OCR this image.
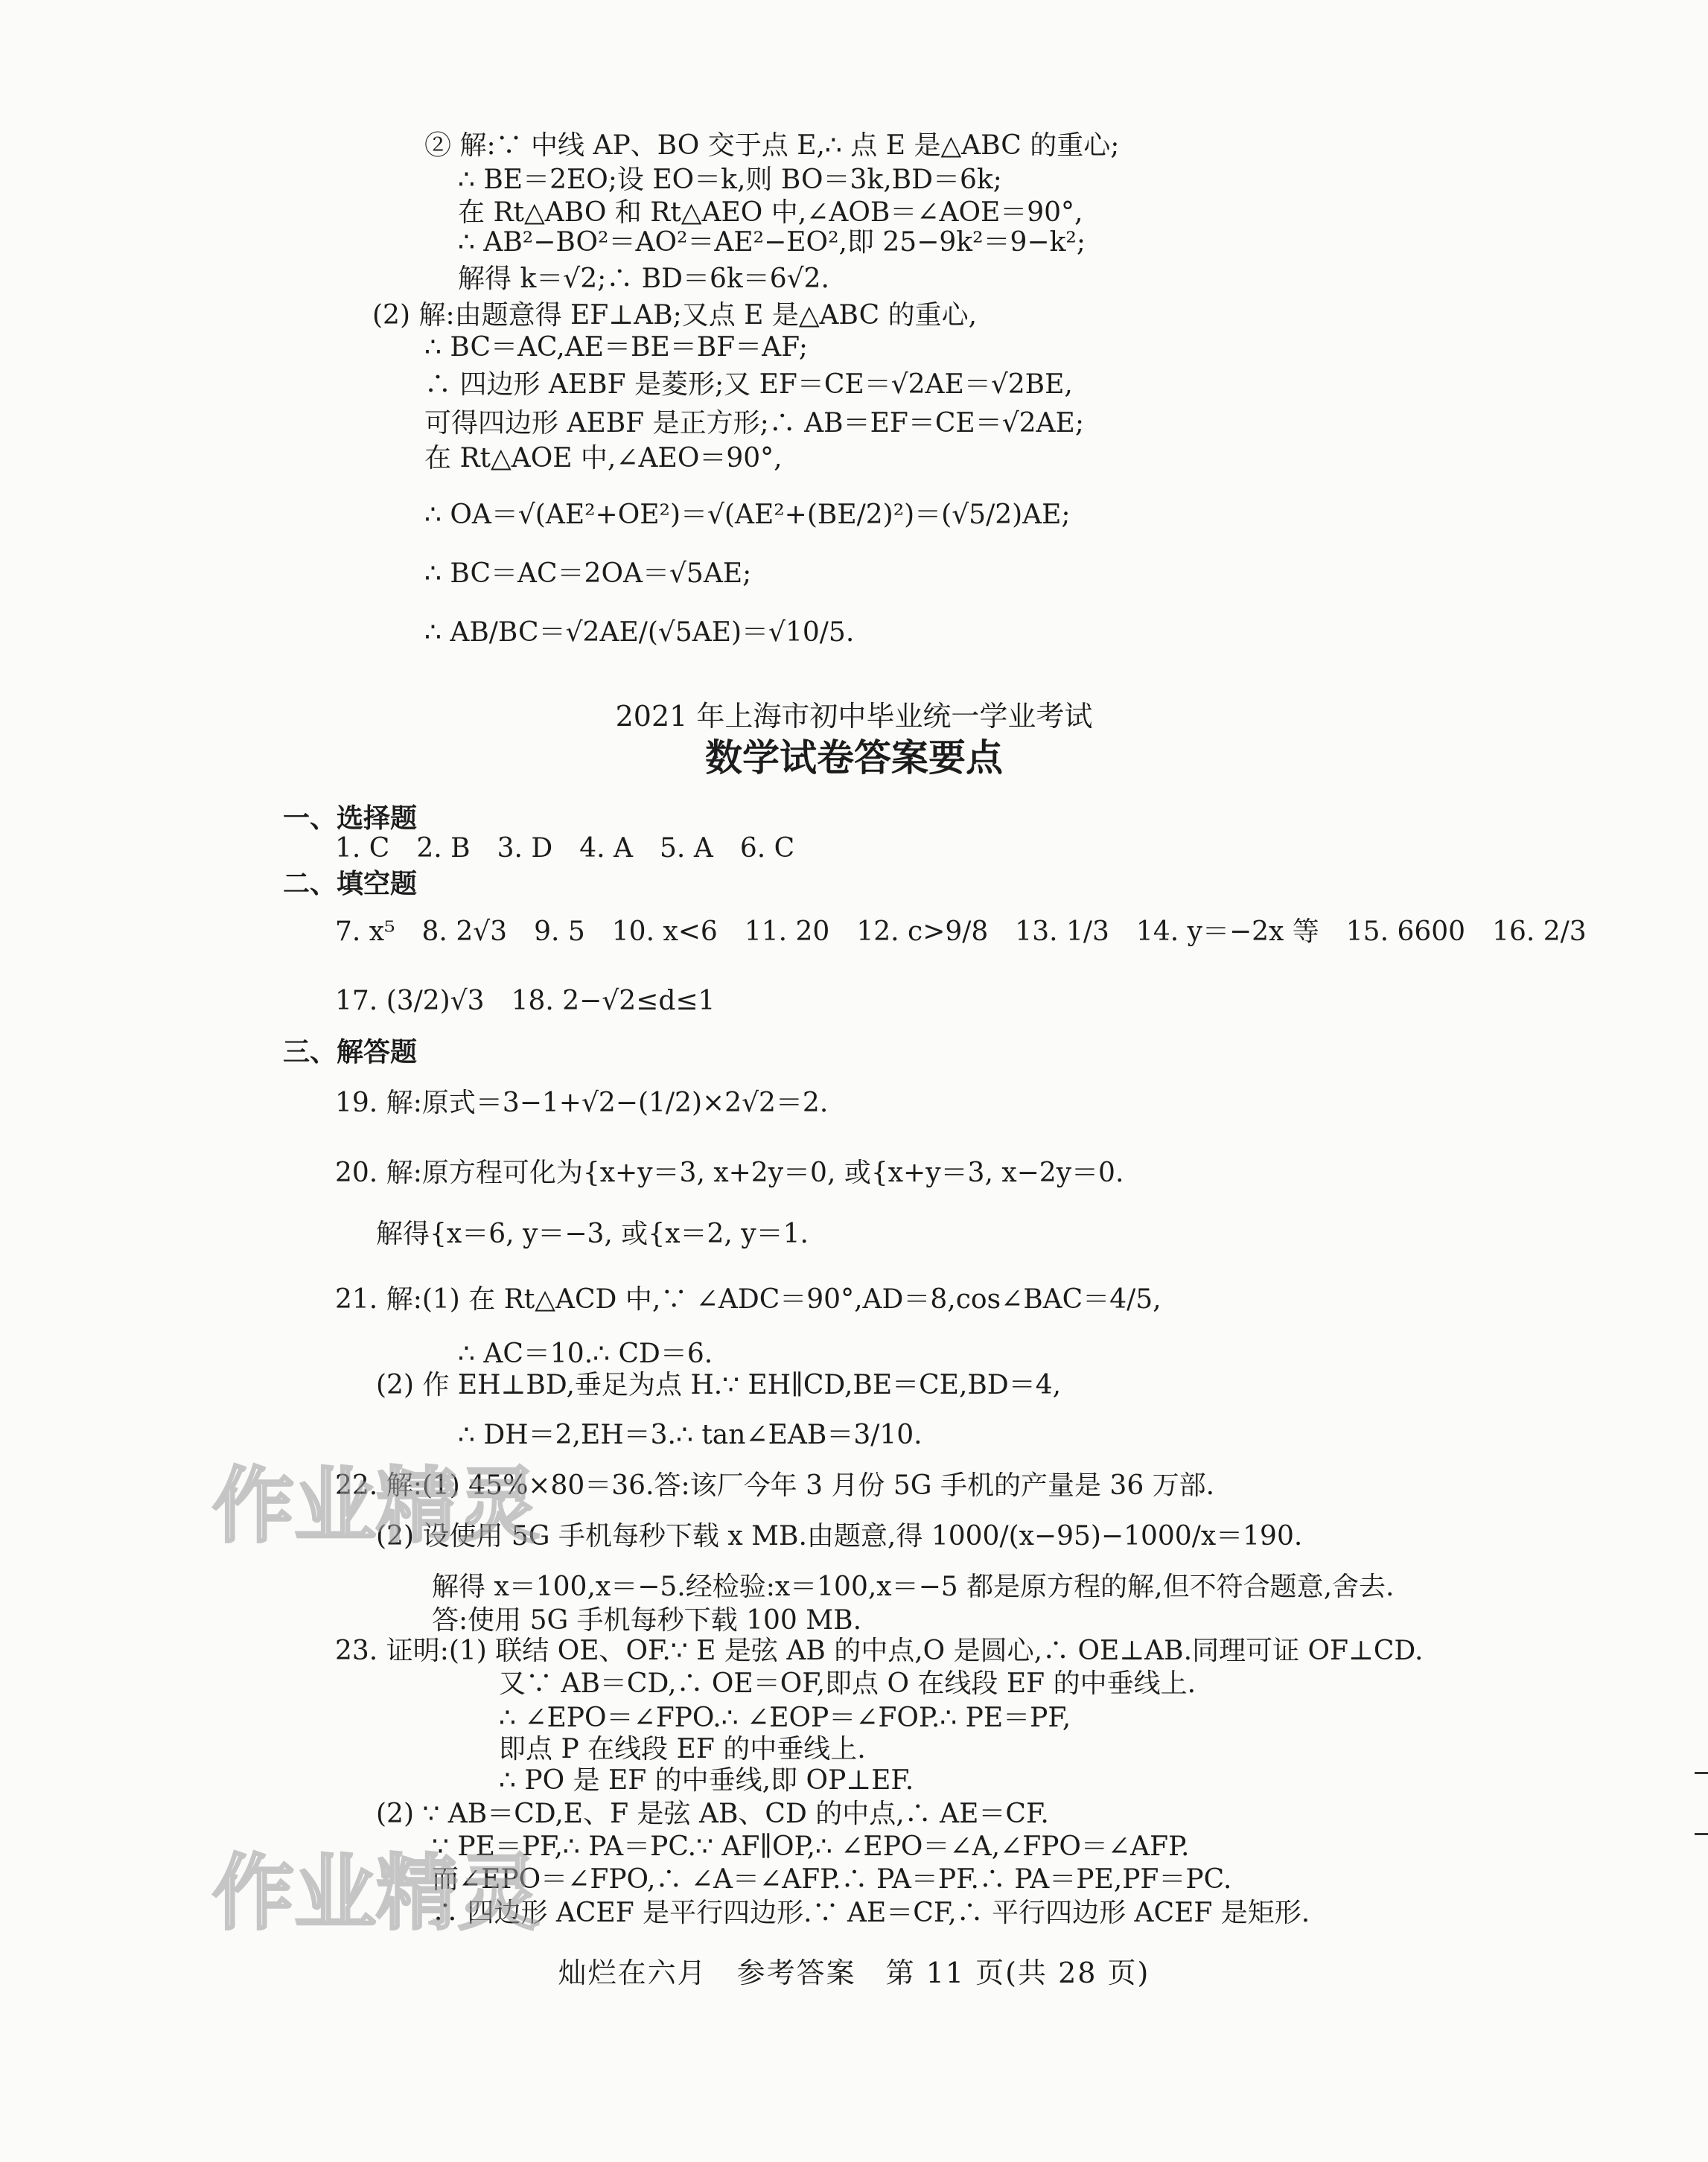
② 解:∵ 中线 AP、BO 交于点 E,∴ 点 E 是△ABC 的重心;
∴ BE＝2EO;设 EO＝k,则 BO＝3k,BD＝6k;
在 Rt△ABO 和 Rt△AEO 中,∠AOB＝∠AOE＝90°,
∴ AB²−BO²＝AO²＝AE²−EO²,即 25−9k²＝9−k²;
解得 k＝√2;∴ BD＝6k＝6√2.
(2) 解:由题意得 EF⊥AB;又点 E 是△ABC 的重心,
∴ BC＝AC,AE＝BE＝BF＝AF;
∴ 四边形 AEBF 是菱形;又 EF＝CE＝√2AE＝√2BE,
可得四边形 AEBF 是正方形;∴ AB＝EF＝CE＝√2AE;
在 Rt△AOE 中,∠AEO＝90°,
∴ OA＝√(AE²+OE²)＝√(AE²+(BE/2)²)＝(√5/2)AE;
∴ BC＝AC＝2OA＝√5AE;
∴ AB/BC＝√2AE/(√5AE)＝√10/5.
2021 年上海市初中毕业统一学业考试
数学试卷答案要点
一、选择题
1. C　2. B　3. D　4. A　5. A　6. C
二、填空题
7. x⁵　8. 2√3　9. 5　10. x<6　11. 20　12. c>9/8　13. 1/3　14. y＝−2x 等　15. 6600　16. 2/3
17. (3/2)√3　18. 2−√2≤d≤1
三、解答题
19. 解:原式＝3−1+√2−(1/2)×2√2＝2.
20. 解:原方程可化为{x+y＝3, x+2y＝0, 或{x+y＝3, x−2y＝0.
解得{x＝6, y＝−3, 或{x＝2, y＝1.
21. 解:(1) 在 Rt△ACD 中,∵ ∠ADC＝90°,AD＝8,cos∠BAC＝4/5,
∴ AC＝10.∴ CD＝6.
(2) 作 EH⊥BD,垂足为点 H.∵ EH∥CD,BE＝CE,BD＝4,
∴ DH＝2,EH＝3.∴ tan∠EAB＝3/10.
22. 解:(1) 45%×80＝36.答:该厂今年 3 月份 5G 手机的产量是 36 万部.
(2) 设使用 5G 手机每秒下载 x MB.由题意,得 1000/(x−95)−1000/x＝190.
解得 x＝100,x＝−5.经检验:x＝100,x＝−5 都是原方程的解,但不符合题意,舍去.
答:使用 5G 手机每秒下载 100 MB.
23. 证明:(1) 联结 OE、OF.∵ E 是弦 AB 的中点,O 是圆心,∴ OE⊥AB.同理可证 OF⊥CD.
又∵ AB＝CD,∴ OE＝OF,即点 O 在线段 EF 的中垂线上.
∴ ∠EPO＝∠FPO.∴ ∠EOP＝∠FOP.∴ PE＝PF,
即点 P 在线段 EF 的中垂线上.
∴ PO 是 EF 的中垂线,即 OP⊥EF.
(2) ∵ AB＝CD,E、F 是弦 AB、CD 的中点,∴ AE＝CF.
∵ PE＝PF,∴ PA＝PC.∵ AF∥OP,∴ ∠EPO＝∠A,∠FPO＝∠AFP.
而∠EPO＝∠FPO,∴ ∠A＝∠AFP.∴ PA＝PF.∴ PA＝PE,PF＝PC.
∴ 四边形 ACEF 是平行四边形.∵ AE＝CF,∴ 平行四边形 ACEF 是矩形.
作业精灵
作业精灵
灿烂在六月　参考答案　第 11 页(共 28 页)
